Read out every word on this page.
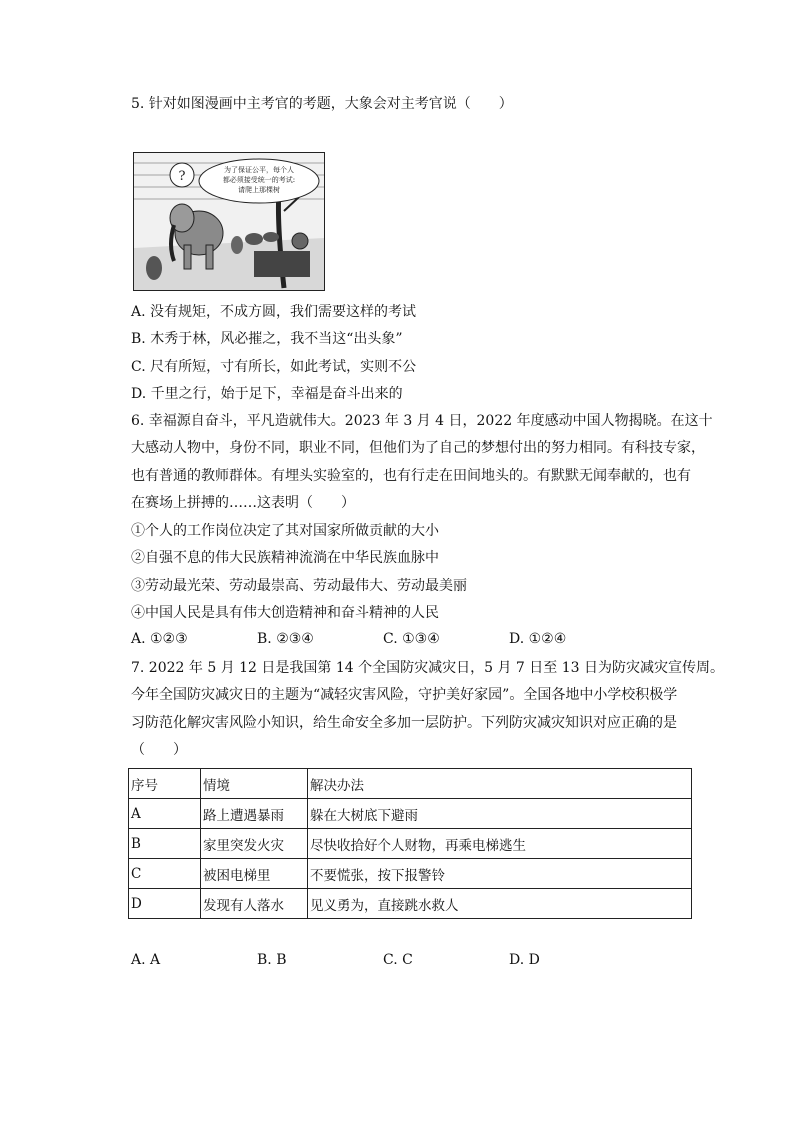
5. 针对如图漫画中主考官的考题，大象会对主考官说（　　）
?	为了保证公平，每个人
都必须接受统一的考试:
请爬上那棵树
A. 没有规矩，不成方圆，我们需要这样的考试
B. 木秀于林，风必摧之，我不当这“出头象”
C. 尺有所短，寸有所长，如此考试，实则不公
D. 千里之行，始于足下，幸福是奋斗出来的
6. 幸福源自奋斗，平凡造就伟大。2023 年 3 月 4 日，2022 年度感动中国人物揭晓。在这十
大感动人物中，身份不同，职业不同，但他们为了自己的梦想付出的努力相同。有科技专家，
也有普通的教师群体。有埋头实验室的，也有行走在田间地头的。有默默无闻奉献的，也有
在赛场上拼搏的……这表明（　　）
①个人的工作岗位决定了其对国家所做贡献的大小
②自强不息的伟大民族精神流淌在中华民族血脉中
③劳动最光荣、劳动最崇高、劳动最伟大、劳动最美丽
④中国人民是具有伟大创造精神和奋斗精神的人民
A. ①②③	B. ②③④	C. ①③④	D. ①②④
7. 2022 年 5 月 12 日是我国第 14 个全国防灾减灾日，5 月 7 日至 13 日为防灾减灾宣传周。
今年全国防灾减灾日的主题为“减轻灾害风险，守护美好家园”。全国各地中小学校积极学
习防范化解灾害风险小知识，给生命安全多加一层防护。下列防灾减灾知识对应正确的是
（　　）
序号	情境	解决办法
A	路上遭遇暴雨	躲在大树底下避雨
B	家里突发火灾	尽快收拾好个人财物，再乘电梯逃生
C	被困电梯里	不要慌张，按下报警铃
D	发现有人落水	见义勇为，直接跳水救人
A. A	B. B	C. C	D. D
